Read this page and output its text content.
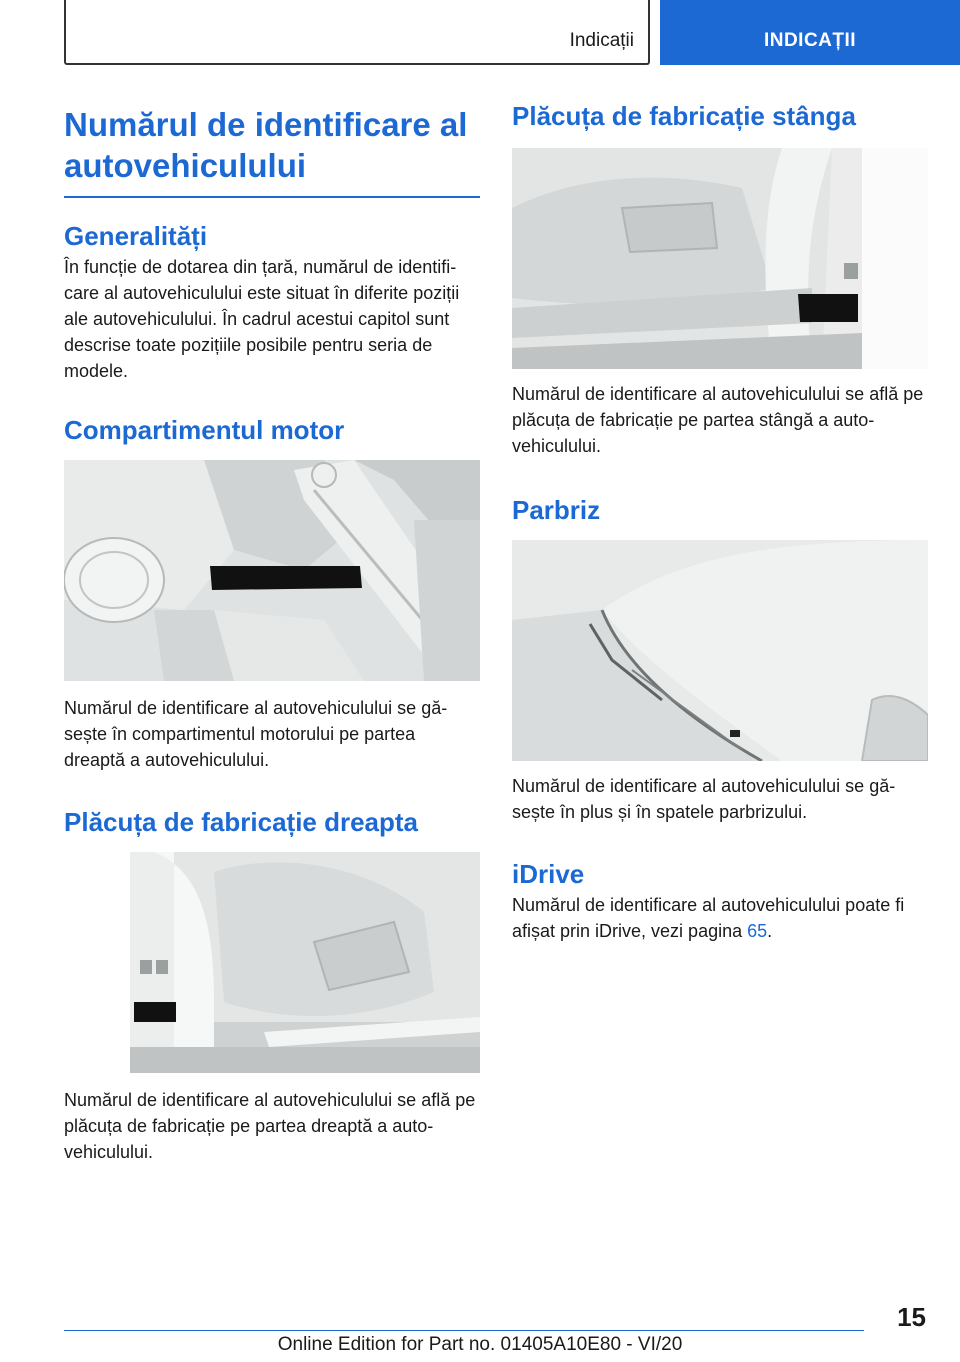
Indicații	INDICAȚII
Numărul de identificare al autovehiculului
Generalități

În funcție de dotarea din țară, numărul de identifi-care al autovehiculului este situat în diferite poziții ale autovehiculului. În cadrul acestui capitol sunt descrise toate pozițiile posibile pentru seria de modele.

Compartimentul motor

Numărul de identificare al autovehiculului se gă-sește în compartimentul motorului pe partea dreaptă a autovehiculului.

Plăcuța de fabricație dreapta

Numărul de identificare al autovehiculului se află pe plăcuța de fabricație pe partea dreaptă a auto-vehiculului.

Plăcuța de fabricație stânga

Numărul de identificare al autovehiculului se află pe plăcuța de fabricație pe partea stângă a auto-vehiculului.

Parbriz

Numărul de identificare al autovehiculului se gă-sește în plus și în spatele parbrizului.

iDrive

Numărul de identificare al autovehiculului poate fi afișat prin iDrive, vezi pagina 65.

15
Online Edition for Part no. 01405A10E80 - VI/20
